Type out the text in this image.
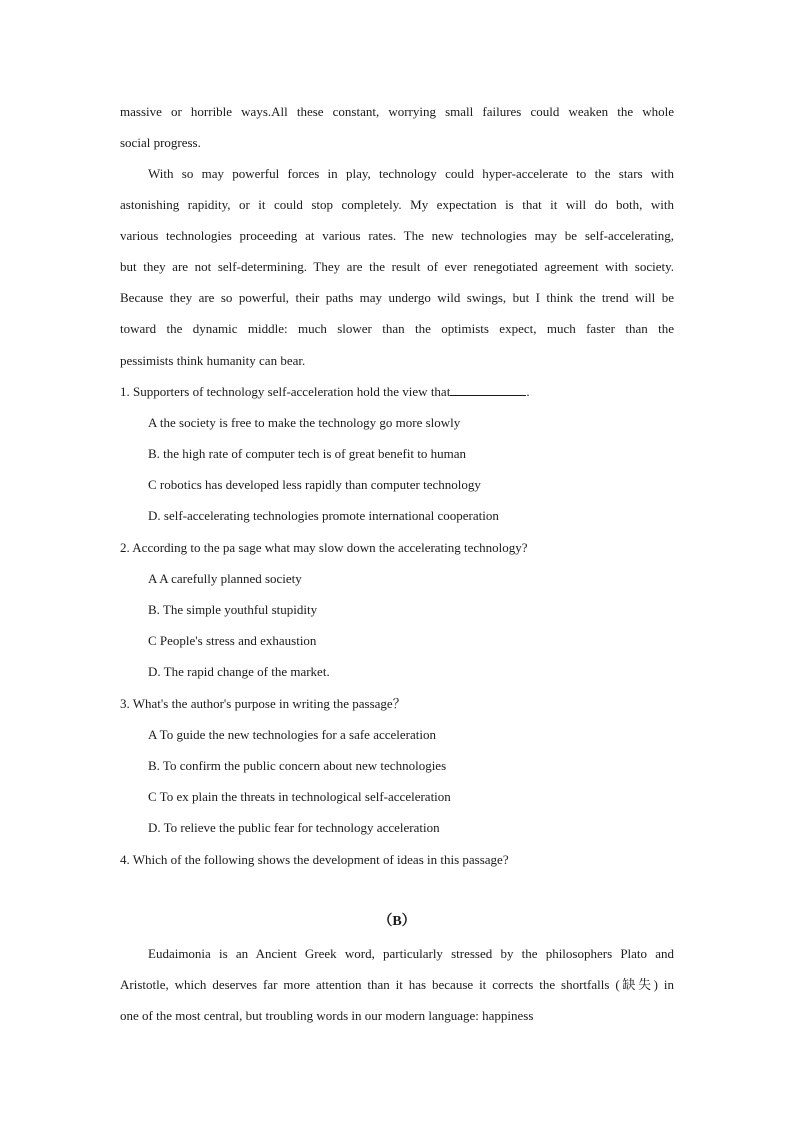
massive or horrible ways.All these constant, worrying small failures could weaken the whole
social progress.
With so may powerful forces in play, technology could hyper-accelerate to the stars with
astonishing rapidity, or it could stop completely. My expectation is that it will do both, with
various technologies proceeding at various rates. The new technologies may be self-accelerating,
but they are not self-determining. They are the result of ever renegotiated agreement with society.
Because they are so powerful, their paths may undergo wild swings, but I think the trend will be
toward the dynamic middle: much slower than the optimists expect, much faster than the
pessimists think humanity can bear.
1. Supporters of technology self-acceleration hold the view that	.
A the society is free to make the technology go more slowly
B. the high rate of computer tech is of great benefit to human
C robotics has developed less rapidly than computer technology
D. self-accelerating technologies promote international cooperation
2. According to the pa sage what may slow down the accelerating technology?
A A carefully planned society
B. The simple youthful stupidity
C People's stress and exhaustion
D. The rapid change of the market.
3. What's the author's purpose in writing the passage？
A To guide the new technologies for a safe acceleration
B. To confirm the public concern about new technologies
C To ex plain the threats in technological self-acceleration
D. To relieve the public fear for technology acceleration
4. Which of the following shows the development of ideas in this passage?
（B）
Eudaimonia is an Ancient Greek word, particularly stressed by the philosophers Plato and
Aristotle, which deserves far more attention than it has because it corrects the shortfalls (缺失) in
one of the most central, but troubling words in our modern language: happiness
